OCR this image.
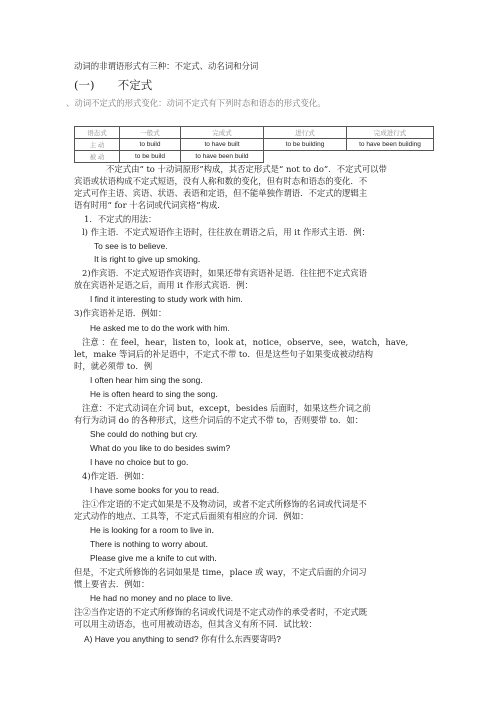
动词的非谓语形式有三种：不定式、动名词和分词
(一) 不定式
、动词不定式的形式变化：动词不定式有下列时态和语态的形式变化。
语态式	一般式	完成式	进行式	完成进行式
主 动	to build	to have built	to be building	to have been building
被 动	to be build	to have been build		
不定式由“ to 十动词原形”构成，其否定形式是“ not to do”．不定式可以带
宾语或状语构成不定式短语，没有人称和数的变化，但有时态和语态的变化．不
定式可作主语、宾语、状语、表语和定语，但不能单独作谓语．不定式的逻辑主
语有时用“ for 十名词或代词宾格”构成．
1．不定式的用法：
l) 作主语．不定式短语作主语时，往往放在谓语之后，用 it 作形式主语．例：
To see is to believe.
It is right to give up smoking．
2)作宾语．不定式短语作宾语时，如果还带有宾语补足语．往往把不定式宾语
放在宾语补足语之后，而用 it 作形式宾语．例：
I find it interesting to study work with him.
3)作宾语补足语．例如：
He asked me to do the work with him.
注意 ：在 feel，hear，listen to，look at，notice，observe，see，watch，have,
let，make 等词后的补足语中，不定式不带 to．但是这些句子如果变成被动结构
时，就必须带 to．例
I often hear him sing the song．
He is often heard to sing the song．
注意：不定式动词在介词 but，except，besides 后面时，如果这些介词之前
有行为动词 do 的各种形式，这些介词后的不定式不带 to，否则要带 to．如：
She could do nothing but cry.
What do you like to do besides swim?
I have no choice but to go．
4)作定语．例如：
I have some books for you to read．
注①作定语的不定式如果是不及物动词，或者不定式所修饰的名词或代词是不
定式动作的地点、工具等，不定式后面须有相应的介词．例如：
He is looking for a room to live in．
There is nothing to worry about．
Please give me a knife to cut with．
但是，不定式所修饰的名词如果是 time，place 或 way，不定式后面的介词习
惯上要省去．例如：
He had no money and no place to live.
注②当作定语的不定式所修饰的名词或代词是不定式动作的承受者时，不定式既
可以用主动语态，也可用被动语态，但其含义有所不同．试比较：
A) Have you anything to send? 你有什么东西要寄吗?
